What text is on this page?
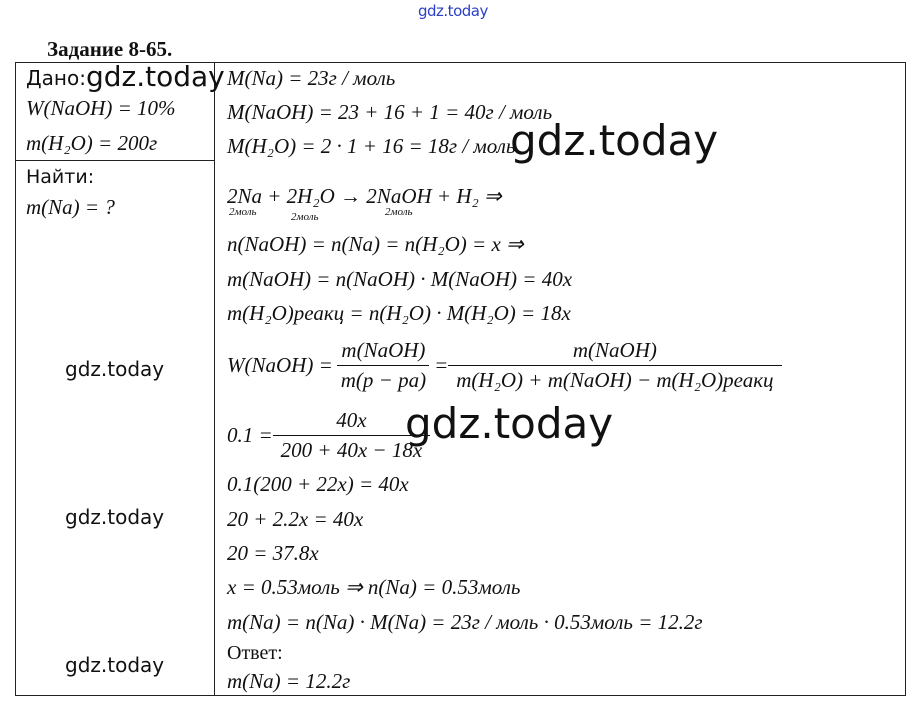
gdz.today
Задание 8-65.
Дано: gdz.today
W(NaOH) = 10%
m(H₂O) = 200г
Найти:
m(Na) = ?
gdz.today
gdz.today
gdz.today
M(Na) = 23г / моль
M(NaOH) = 23 + 16 + 1 = 40г / моль
M(H₂O) = 2 · 1 + 16 = 18г / моль
gdz.today
2Na + 2H₂O → 2NaOH + H₂ ⇒
2моль	2моль	2моль
n(NaOH) = n(Na) = n(H₂O) = x ⇒
m(NaOH) = n(NaOH) · M(NaOH) = 40x
m(H₂O)реакц = n(H₂O) · M(H₂O) = 18x
W(NaOH) = $\frac{\text{m(NaOH)}}{m(p - pa)} = \frac{\text{m(NaOH)}}{\text{m(H₂O) + m(NaOH) − m(H₂O)реакц}}$
$0.1 = \frac{40x}{200 + 40x - 18x}$
gdz.today
0.1(200 + 22x) = 40x
20 + 2.2x = 40x
20 = 37.8x
x = 0.53моль ⇒ n(Na) = 0.53моль
m(Na) = n(Na) · M(Na) = 23г / моль · 0.53моль = 12.2г
Ответ:
m(Na) = 12.2г
